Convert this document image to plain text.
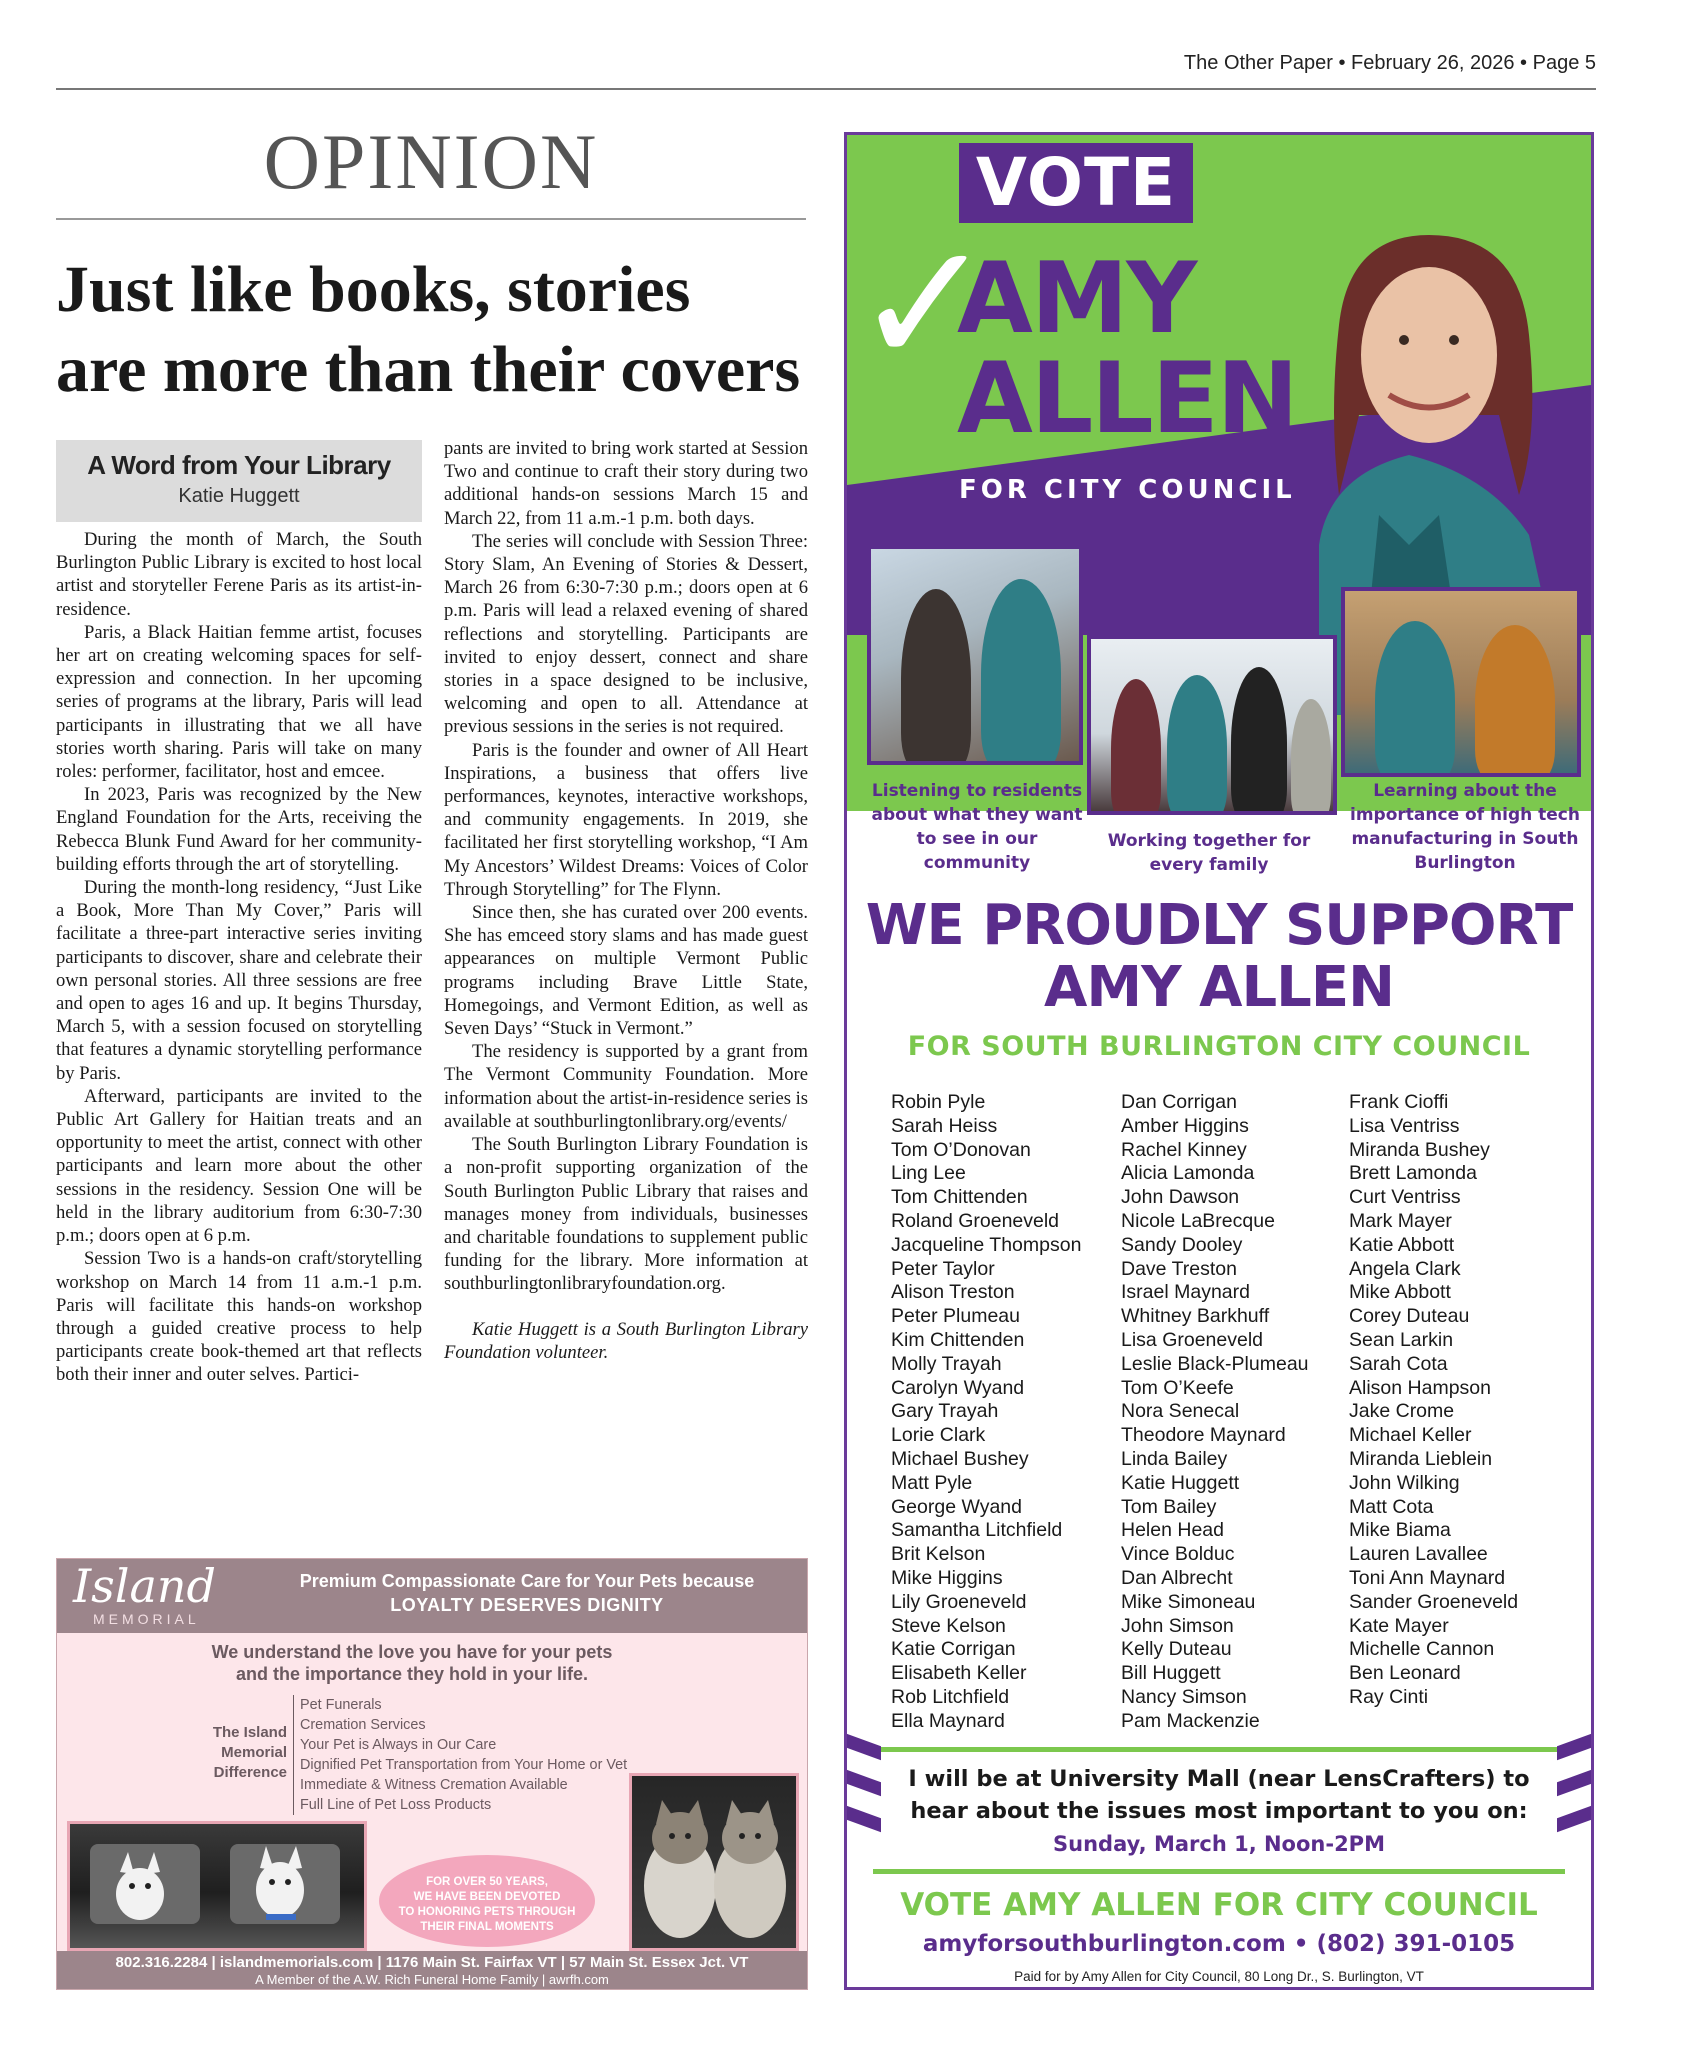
The Other Paper • February 26, 2026 • Page 5
OPINION
Just like books, stories
are more than their covers
A Word from Your Library
Katie Huggett

During the month of March, the South Burlington Public Library is excited to host local artist and storyteller Ferene Paris as its artist-in-residence.

Paris, a Black Haitian femme artist, focuses her art on creating welcoming spaces for self-expression and connection. In her upcoming series of programs at the library, Paris will lead participants in illustrating that we all have stories worth sharing. Paris will take on many roles: performer, facilitator, host and emcee.

In 2023, Paris was recognized by the New England Foundation for the Arts, receiving the Rebecca Blunk Fund Award for her community-building efforts through the art of storytelling.

During the month-long residency, “Just Like a Book, More Than My Cover,” Paris will facilitate a three-part interactive series inviting participants to discover, share and celebrate their own personal stories. All three sessions are free and open to ages 16 and up. It begins Thursday, March 5, with a session focused on storytelling that features a dynamic storytelling performance by Paris.

Afterward, participants are invited to the Public Art Gallery for Haitian treats and an opportunity to meet the artist, connect with other participants and learn more about the other sessions in the residency. Session One will be held in the library auditorium from 6:30-7:30 p.m.; doors open at 6 p.m.

Session Two is a hands-on craft/storytelling workshop on March 14 from 11 a.m.-1 p.m. Paris will facilitate this hands-on workshop through a guided creative process to help participants create book-themed art that reflects both their inner and outer selves. Partici-

pants are invited to bring work started at Session Two and continue to craft their story during two additional hands-on sessions March 15 and March 22, from 11 a.m.-1 p.m. both days.

The series will conclude with Session Three: Story Slam, An Evening of Stories & Dessert, March 26 from 6:30-7:30 p.m.; doors open at 6 p.m. Paris will lead a relaxed evening of shared reflections and storytelling. Participants are invited to enjoy dessert, connect and share stories in a space designed to be inclusive, welcoming and open to all. Attendance at previous sessions in the series is not required.

Paris is the founder and owner of All Heart Inspirations, a business that offers live performances, keynotes, interactive workshops, and community engagements. In 2019, she facilitated her first storytelling workshop, “I Am My Ancestors’ Wildest Dreams: Voices of Color Through Storytelling” for The Flynn.

Since then, she has curated over 200 events. She has emceed story slams and has made guest appearances on multiple Vermont Public programs including Brave Little State, Homegoings, and Vermont Edition, as well as Seven Days’ “Stuck in Vermont.”

The residency is supported by a grant from The Vermont Community Foundation. More information about the artist-in-residence series is available at southburlingtonlibrary.org/events/

The South Burlington Library Foundation is a non-profit supporting organization of the South Burlington Public Library that raises and manages money from individuals, businesses and charitable foundations to supplement public funding for the library. More information at southburlingtonlibraryfoundation.org.

Katie Huggett is a South Burlington Library Foundation volunteer.

Island
MEMORIAL
Premium Compassionate Care for Your Pets because
LOYALTY DESERVES DIGNITY
We understand the love you have for your pets
and the importance they hold in your life.
The Island
Memorial
Difference
Pet Funerals
Cremation Services
Your Pet is Always in Our Care
Dignified Pet Transportation from Your Home or Vet
Immediate & Witness Cremation Available
Full Line of Pet Loss Products
FOR OVER 50 YEARS,
WE HAVE BEEN DEVOTED
TO HONORING PETS THROUGH
THEIR FINAL MOMENTS
802.316.2284 | islandmemorials.com | 1176 Main St. Fairfax VT | 57 Main St. Essex Jct. VT
A Member of the A.W. Rich Funeral Home Family | awrfh.com
VOTE
✓
AMY
ALLEN
FOR CITY COUNCIL
Listening to residents about what they want to see in our community
Working together for every family
Learning about the importance of high tech manufacturing in South Burlington
WE PROUDLY SUPPORT
AMY ALLEN
FOR SOUTH BURLINGTON CITY COUNCIL
Robin Pyle
Sarah Heiss
Tom O’Donovan
Ling Lee
Tom Chittenden
Roland Groeneveld
Jacqueline Thompson
Peter Taylor
Alison Treston
Peter Plumeau
Kim Chittenden
Molly Trayah
Carolyn Wyand
Gary Trayah
Lorie Clark
Michael Bushey
Matt Pyle
George Wyand
Samantha Litchfield
Brit Kelson
Mike Higgins
Lily Groeneveld
Steve Kelson
Katie Corrigan
Elisabeth Keller
Rob Litchfield
Ella Maynard
Dan Corrigan
Amber Higgins
Rachel Kinney
Alicia Lamonda
John Dawson
Nicole LaBrecque
Sandy Dooley
Dave Treston
Israel Maynard
Whitney Barkhuff
Lisa Groeneveld
Leslie Black-Plumeau
Tom O’Keefe
Nora Senecal
Theodore Maynard
Linda Bailey
Katie Huggett
Tom Bailey
Helen Head
Vince Bolduc
Dan Albrecht
Mike Simoneau
John Simson
Kelly Duteau
Bill Huggett
Nancy Simson
Pam Mackenzie
Frank Cioffi
Lisa Ventriss
Miranda Bushey
Brett Lamonda
Curt Ventriss
Mark Mayer
Katie Abbott
Angela Clark
Mike Abbott
Corey Duteau
Sean Larkin
Sarah Cota
Alison Hampson
Jake Crome
Michael Keller
Miranda Lieblein
John Wilking
Matt Cota
Mike Biama
Lauren Lavallee
Toni Ann Maynard
Sander Groeneveld
Kate Mayer
Michelle Cannon
Ben Leonard
Ray Cinti
I will be at University Mall (near LensCrafters) to
hear about the issues most important to you on:
Sunday, March 1, Noon-2PM
VOTE AMY ALLEN FOR CITY COUNCIL
amyforsouthburlington.com • (802) 391-0105
Paid for by Amy Allen for City Council, 80 Long Dr., S. Burlington, VT
